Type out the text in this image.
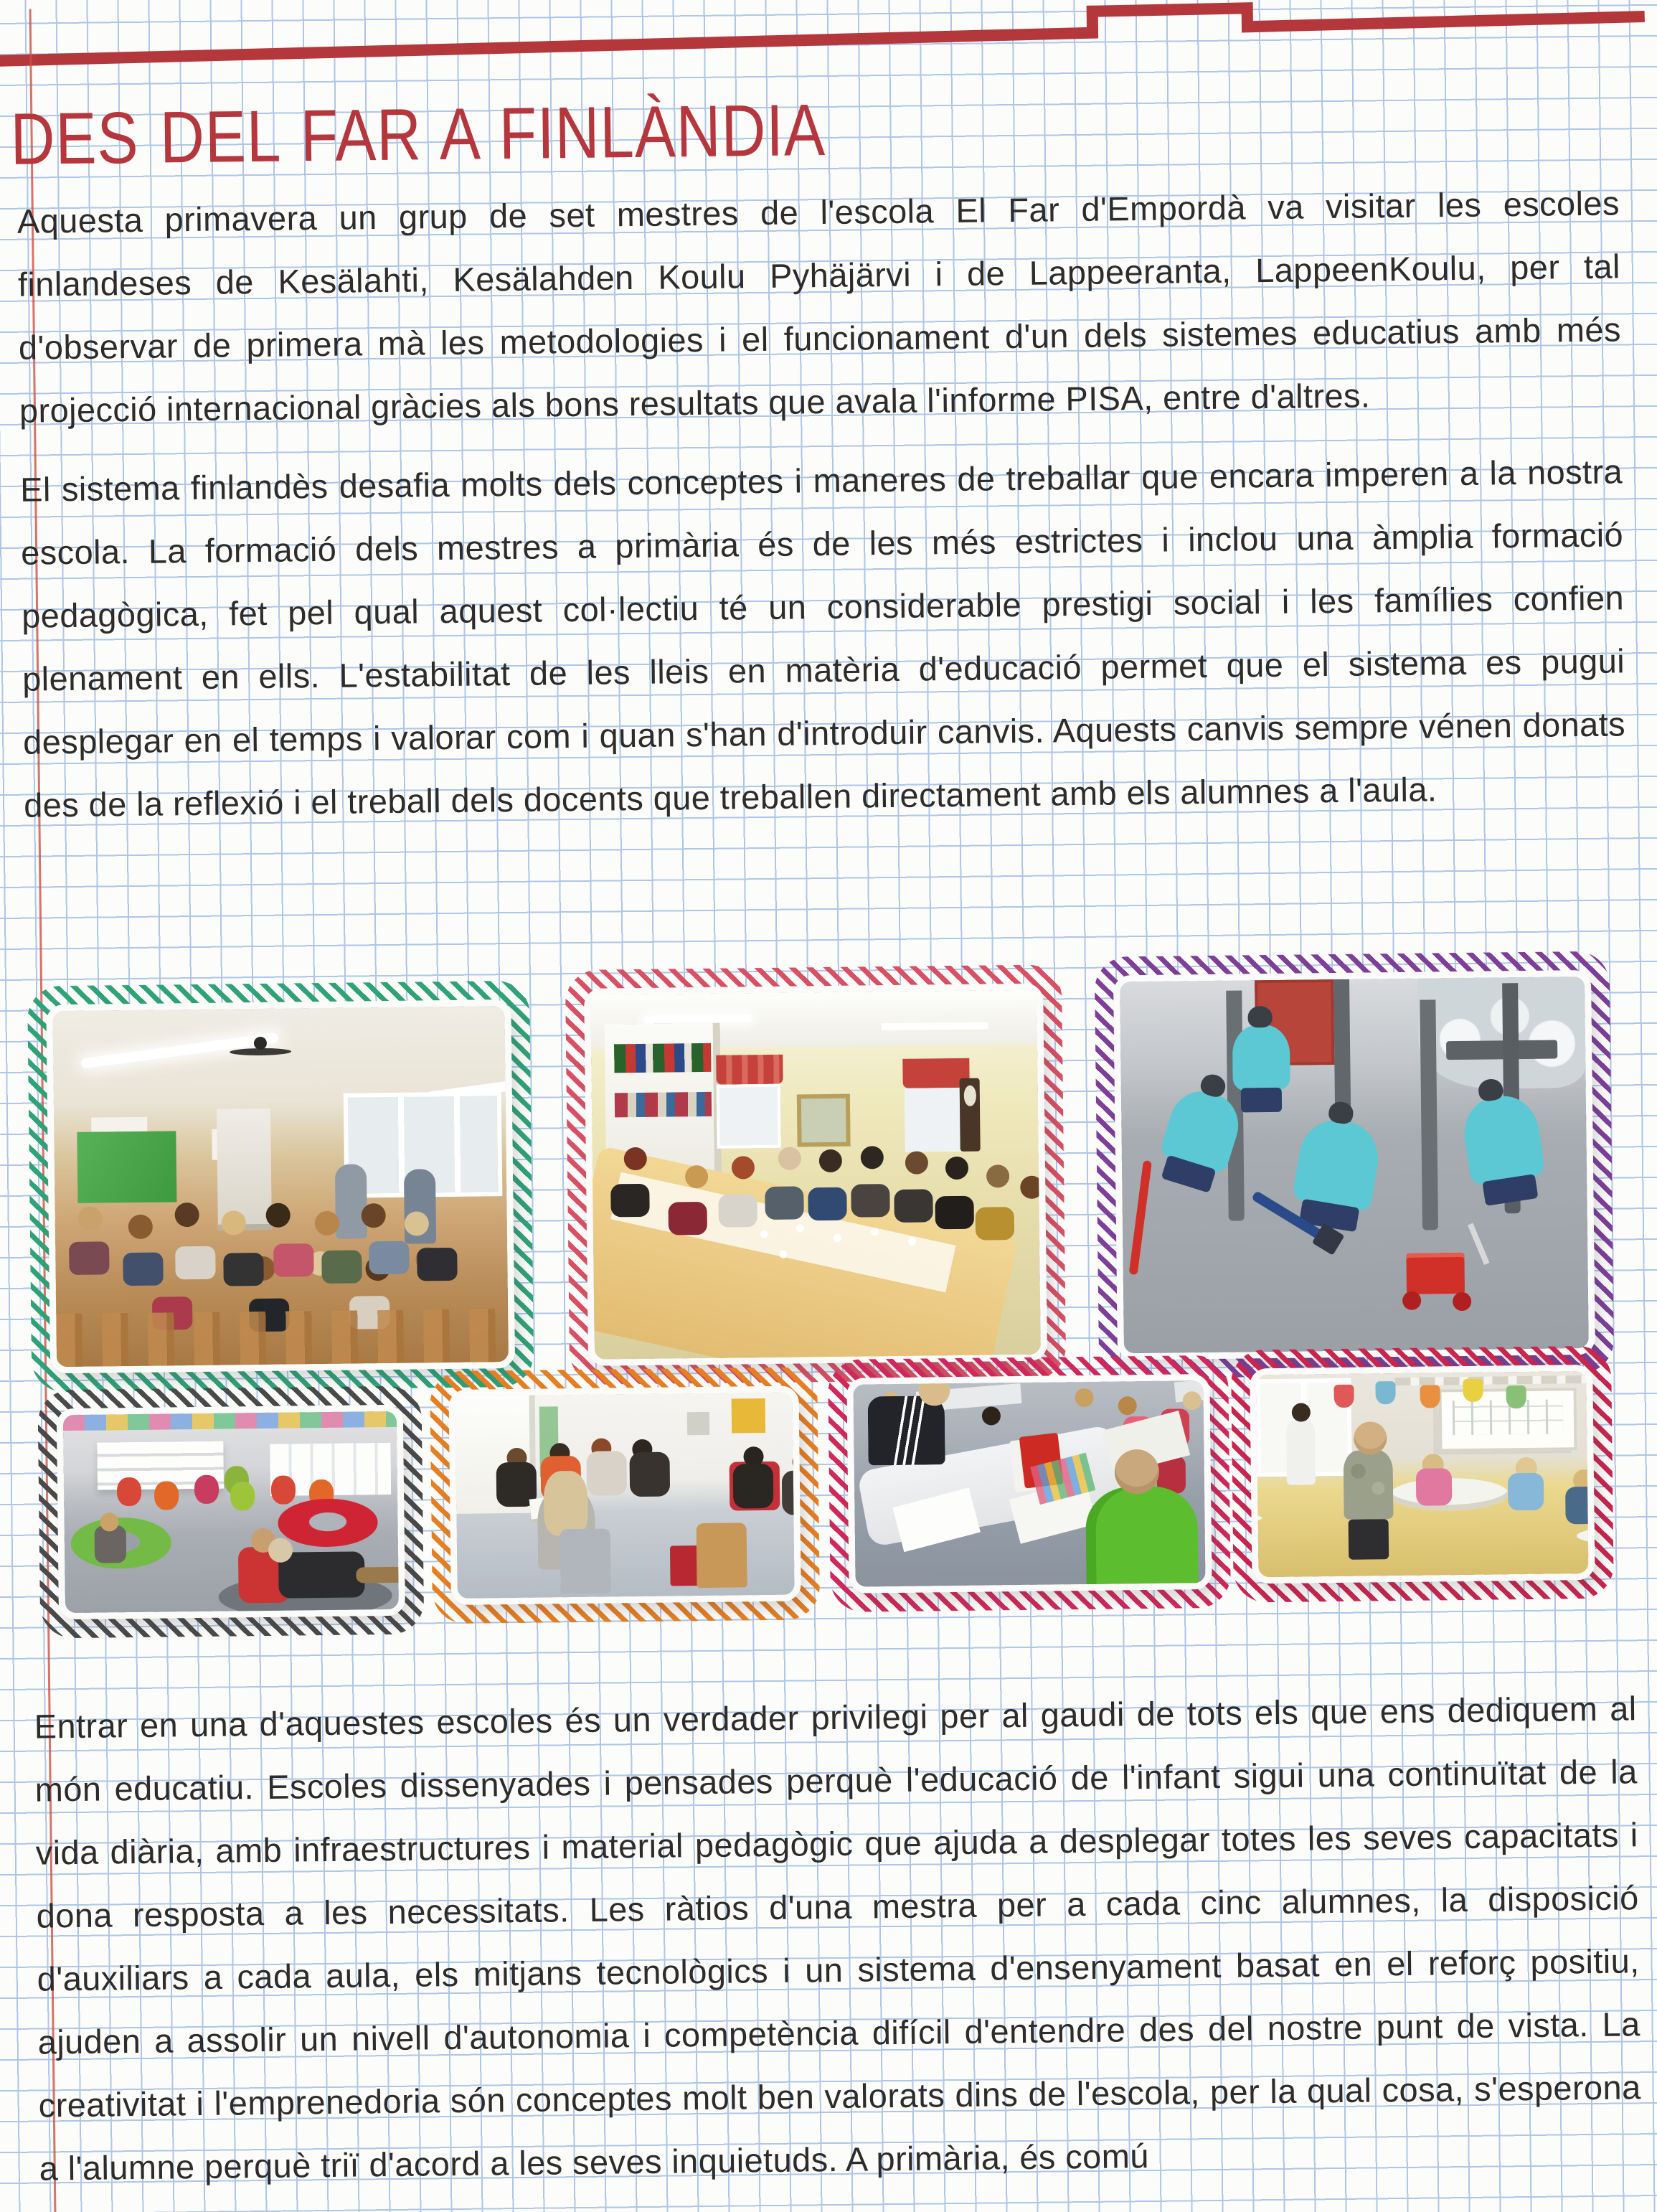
DES DEL FAR A FINLÀNDIA

Aquesta primavera un grup de set mestres de l'escola El Far d'Empordà va visitar les escoles finlandeses de Kesälahti, Kesälahden Koulu Pyhäjärvi i de Lappeeranta, LappeenKoulu, per tal d'observar de primera mà les metodologies i el funcionament d'un dels sistemes educatius amb més projecció internacional gràcies als bons resultats que avala l'informe PISA, entre d'altres.

El sistema finlandès desafia molts dels conceptes i maneres de treballar que encara imperen a la nostra escola. La formació dels mestres a primària és de les més estrictes i inclou una àmplia formació pedagògica, fet pel qual aquest col·lectiu té un considerable prestigi social i les famílies confien plenament en ells. L'estabilitat de les lleis en matèria d'educació permet que el sistema es pugui desplegar en el temps i valorar com i quan s'han d'introduir canvis. Aquests canvis sempre vénen donats des de la reflexió i el treball dels docents que treballen directament amb els alumnes a l'aula.

Entrar en una d'aquestes escoles és un verdader privilegi per al gaudi de tots els que ens dediquem al món educatiu. Escoles dissenyades i pensades perquè l'educació de l'infant sigui una continuïtat de la vida diària, amb infraestructures i material pedagògic que ajuda a desplegar totes les seves capacitats i dona resposta a les necessitats. Les ràtios d'una mestra per a cada cinc alumnes, la disposició d'auxiliars a cada aula, els mitjans tecnològics i un sistema d'ensenyament basat en el reforç positiu, ajuden a assolir un nivell d'autonomia i competència difícil d'entendre des del nostre punt de vista. La creativitat i l'emprenedoria són conceptes molt ben valorats dins de l'escola, per la qual cosa, s'esperona a l'alumne perquè triï d'acord a les seves inquietuds. A primària, és comú
